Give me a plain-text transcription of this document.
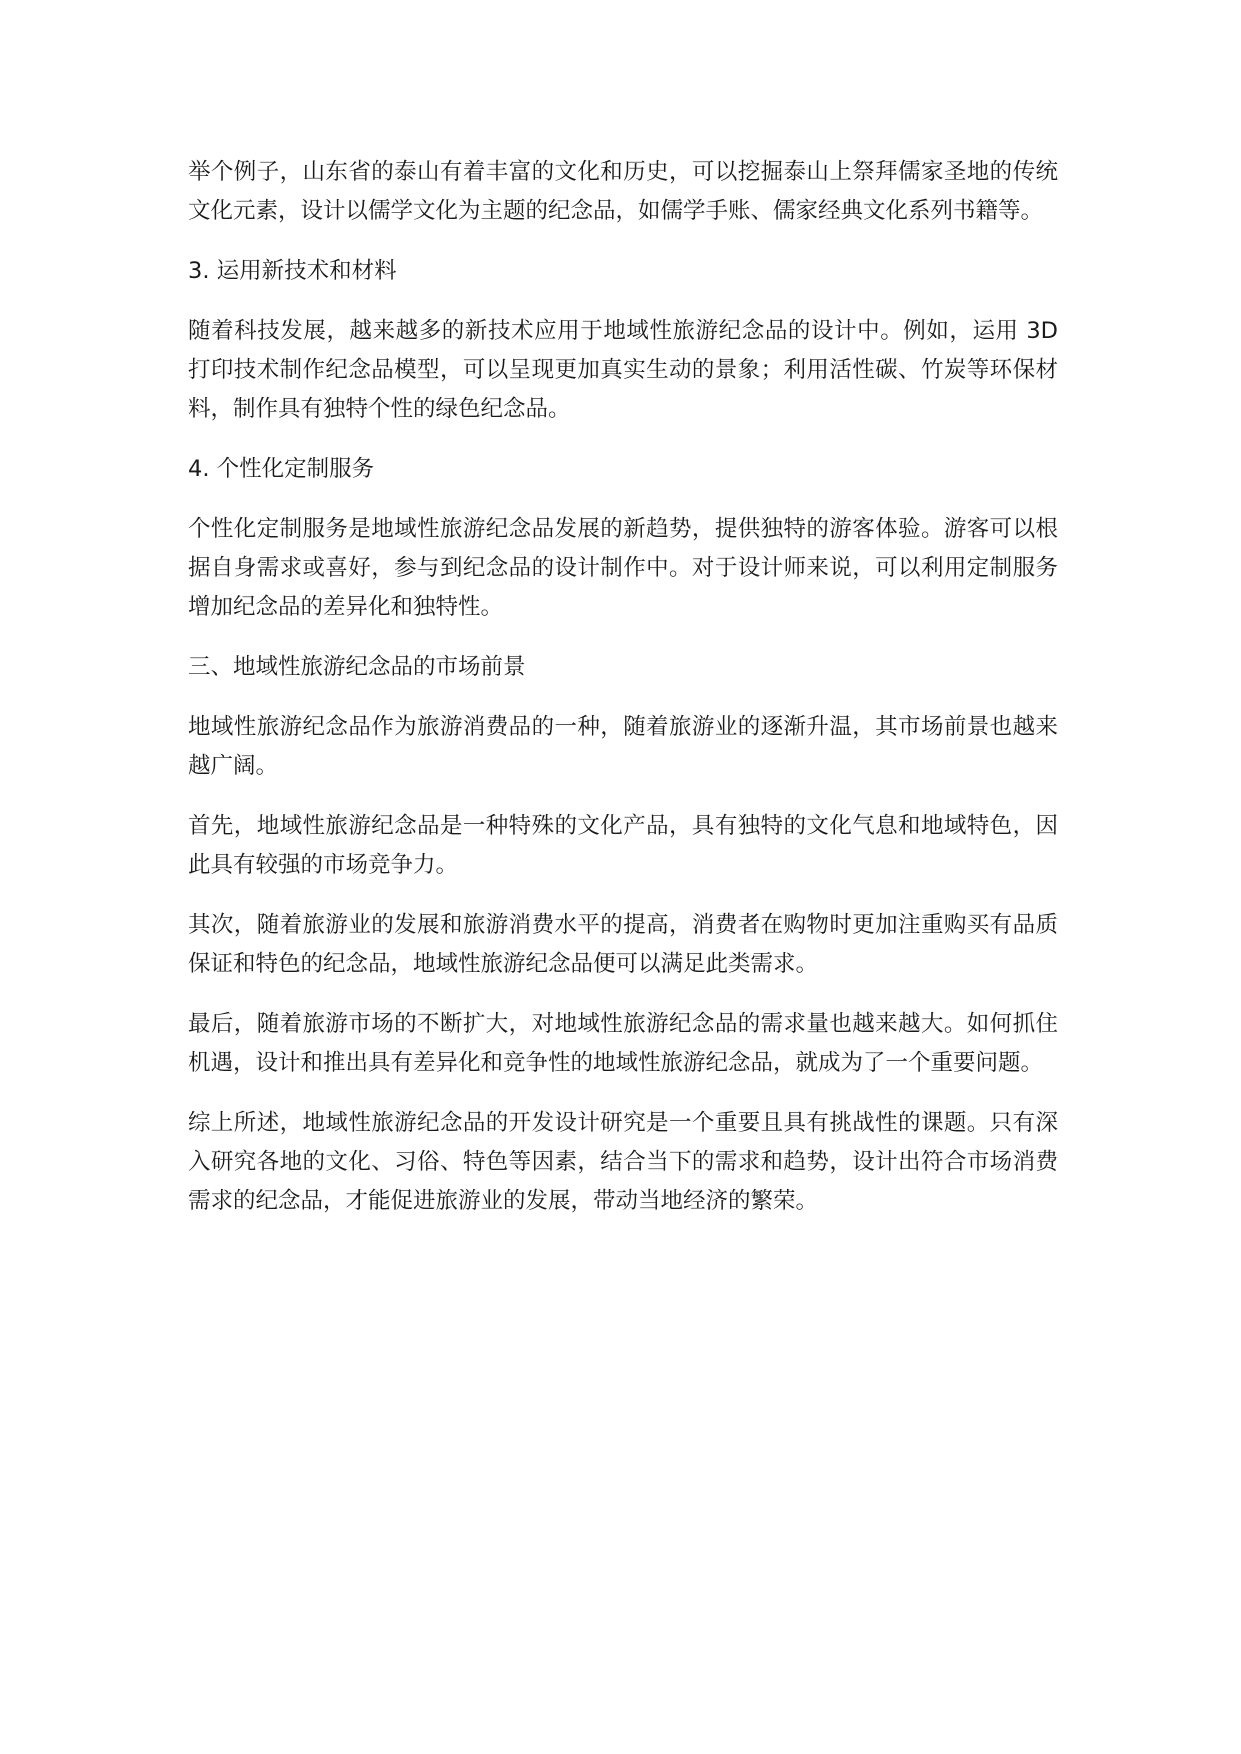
举个例子，山东省的泰山有着丰富的文化和历史，可以挖掘泰山上祭拜儒家圣地的传统文化元素，设计以儒学文化为主题的纪念品，如儒学手账、儒家经典文化系列书籍等。

3. 运用新技术和材料

随着科技发展，越来越多的新技术应用于地域性旅游纪念品的设计中。例如，运用 3D 打印技术制作纪念品模型，可以呈现更加真实生动的景象；利用活性碳、竹炭等环保材料，制作具有独特个性的绿色纪念品。

4. 个性化定制服务

个性化定制服务是地域性旅游纪念品发展的新趋势，提供独特的游客体验。游客可以根据自身需求或喜好，参与到纪念品的设计制作中。对于设计师来说，可以利用定制服务增加纪念品的差异化和独特性。

三、地域性旅游纪念品的市场前景

地域性旅游纪念品作为旅游消费品的一种，随着旅游业的逐渐升温，其市场前景也越来越广阔。

首先，地域性旅游纪念品是一种特殊的文化产品，具有独特的文化气息和地域特色，因此具有较强的市场竞争力。

其次，随着旅游业的发展和旅游消费水平的提高，消费者在购物时更加注重购买有品质保证和特色的纪念品，地域性旅游纪念品便可以满足此类需求。

最后，随着旅游市场的不断扩大，对地域性旅游纪念品的需求量也越来越大。如何抓住机遇，设计和推出具有差异化和竞争性的地域性旅游纪念品，就成为了一个重要问题。

综上所述，地域性旅游纪念品的开发设计研究是一个重要且具有挑战性的课题。只有深入研究各地的文化、习俗、特色等因素，结合当下的需求和趋势，设计出符合市场消费需求的纪念品，才能促进旅游业的发展，带动当地经济的繁荣。
